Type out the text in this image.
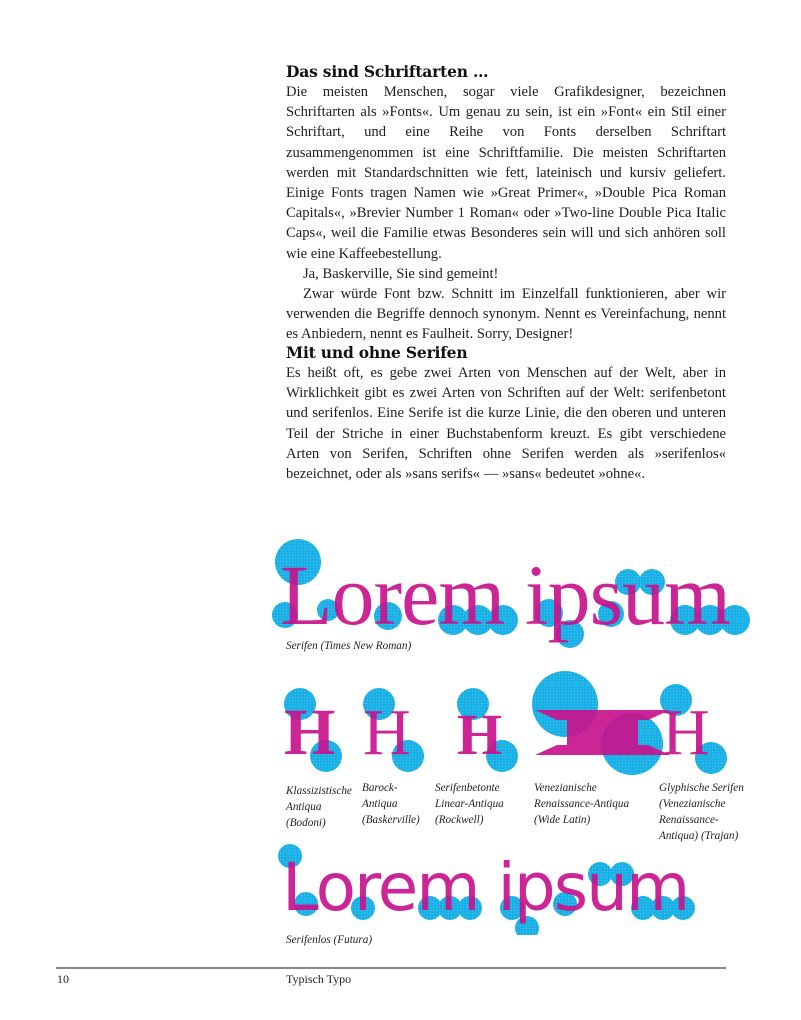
Das sind Schriftarten …

Die meisten Menschen, sogar viele Grafikdesigner, bezeichnen Schriftarten als »Fonts«. Um genau zu sein, ist ein »Font« ein Stil einer Schriftart, und eine Reihe von Fonts derselben Schriftart zusammengenommen ist eine Schriftfamilie. Die meisten Schriftarten werden mit Standardschnitten wie fett, lateinisch und kursiv geliefert. Einige Fonts tragen Namen wie »Great Primer«, »Double Pica Roman Capitals«, »Brevier Number 1 Roman« oder »Two-line Double Pica Italic Caps«, weil die Familie etwas Besonderes sein will und sich anhören soll wie eine Kaffeebestellung.

Ja, Baskerville, Sie sind gemeint!

Zwar würde Font bzw. Schnitt im Einzelfall funktionieren, aber wir verwenden die Begriffe dennoch synonym. Nennt es Vereinfachung, nennt es Anbiedern, nennt es Faulheit. Sorry, Designer!

Mit und ohne Serifen

Es heißt oft, es gebe zwei Arten von Menschen auf der Welt, aber in Wirklichkeit gibt es zwei Arten von Schriften auf der Welt: serifenbetont und serifenlos. Eine Serife ist die kurze Linie, die den oberen und unteren Teil der Striche in einer Buchstabenform kreuzt. Es gibt verschiedene Arten von Serifen, Schriften ohne Serifen werden als »serifenlos« bezeichnet, oder als »sans serifs« — »sans« bedeutet »ohne«.

Lorem ipsum
Serifen (Times New Roman)
H H H H
Klassizistische
Antiqua
(Bodoni)
Barock-
Antiqua
(Baskerville)
Serifenbetonte
Linear-Antiqua
(Rockwell)
Venezianische
Renaissance-Antiqua
(Wide Latin)
Glyphische Serifen
(Venezianische
Renaissance-
Antiqua) (Trajan)
Lorem ipsum
Serifenlos (Futura)
10	Typisch Typo
